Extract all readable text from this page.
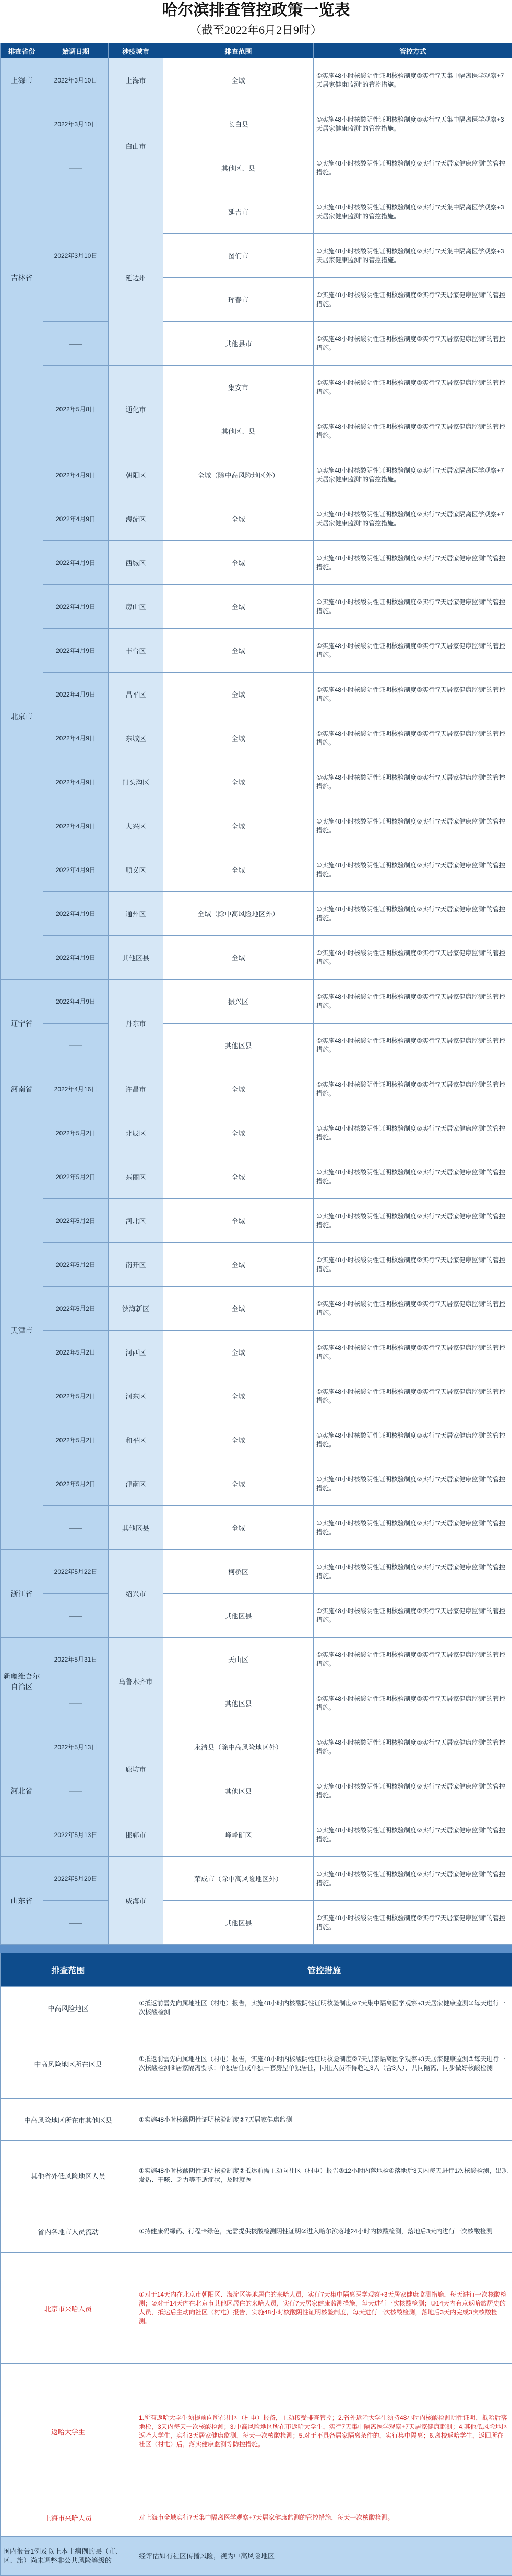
哈尔滨排查管控政策一览表
（截至2022年6月2日9时）
排查省份	始调日期	涉疫城市	排查范围	管控方式
上海市	2022年3月10日	上海市	全域	①实施48小时核酸阴性证明核验制度②实行"7天集中隔离医学观察+7天居家健康监测"的管控措施。
吉林省	2022年3月10日	白山市	长白县	①实施48小时核酸阴性证明核验制度②实行"7天集中隔离医学观察+3天居家健康监测"的管控措施。
	——		其他区、县	①实施48小时核酸阴性证明核验制度②实行"7天居家健康监测"的管控措施。
	2022年3月10日	延边州	延吉市	①实施48小时核酸阴性证明核验制度②实行"7天集中隔离医学观察+3天居家健康监测"的管控措施。
			图们市	①实施48小时核酸阴性证明核验制度②实行"7天集中隔离医学观察+3天居家健康监测"的管控措施。
			珲春市	①实施48小时核酸阴性证明核验制度②实行"7天居家健康监测"的管控措施。
	——		其他县市	①实施48小时核酸阴性证明核验制度②实行"7天居家健康监测"的管控措施。
	2022年5月8日	通化市	集安市	①实施48小时核酸阴性证明核验制度②实行"7天居家健康监测"的管控措施。
			其他区、县	①实施48小时核酸阴性证明核验制度②实行"7天居家健康监测"的管控措施。
北京市	2022年4月9日	朝阳区	全域（除中高风险地区外）	①实施48小时核酸阴性证明核验制度②实行"7天居家隔离医学观察+7天居家健康监测"的管控措施。
	2022年4月9日	海淀区	全域	①实施48小时核酸阴性证明核验制度②实行"7天居家隔离医学观察+7天居家健康监测"的管控措施。
	2022年4月9日	西城区	全域	①实施48小时核酸阴性证明核验制度②实行"7天居家健康监测"的管控措施。
	2022年4月9日	房山区	全域	①实施48小时核酸阴性证明核验制度②实行"7天居家健康监测"的管控措施。
	2022年4月9日	丰台区	全域	①实施48小时核酸阴性证明核验制度②实行"7天居家健康监测"的管控措施。
	2022年4月9日	昌平区	全域	①实施48小时核酸阴性证明核验制度②实行"7天居家健康监测"的管控措施。
	2022年4月9日	东城区	全域	①实施48小时核酸阴性证明核验制度②实行"7天居家健康监测"的管控措施。
	2022年4月9日	门头沟区	全域	①实施48小时核酸阴性证明核验制度②实行"7天居家健康监测"的管控措施。
	2022年4月9日	大兴区	全域	①实施48小时核酸阴性证明核验制度②实行"7天居家健康监测"的管控措施。
	2022年4月9日	顺义区	全域	①实施48小时核酸阴性证明核验制度②实行"7天居家健康监测"的管控措施。
	2022年4月9日	通州区	全域（除中高风险地区外）	①实施48小时核酸阴性证明核验制度②实行"7天居家健康监测"的管控措施。
	2022年4月9日	其他区县	全域	①实施48小时核酸阴性证明核验制度②实行"7天居家健康监测"的管控措施。
辽宁省	2022年4月9日	丹东市	振兴区	①实施48小时核酸阴性证明核验制度②实行"7天居家健康监测"的管控措施。
	——		其他区县	①实施48小时核酸阴性证明核验制度②实行"7天居家健康监测"的管控措施。
河南省	2022年4月16日	许昌市	全域	①实施48小时核酸阴性证明核验制度②实行"7天居家健康监测"的管控措施。
天津市	2022年5月2日	北辰区	全域	①实施48小时核酸阴性证明核验制度②实行"7天居家健康监测"的管控措施。
	2022年5月2日	东丽区	全域	①实施48小时核酸阴性证明核验制度②实行"7天居家健康监测"的管控措施。
	2022年5月2日	河北区	全域	①实施48小时核酸阴性证明核验制度②实行"7天居家健康监测"的管控措施。
	2022年5月2日	南开区	全域	①实施48小时核酸阴性证明核验制度②实行"7天居家健康监测"的管控措施。
	2022年5月2日	滨海新区	全域	①实施48小时核酸阴性证明核验制度②实行"7天居家健康监测"的管控措施。
	2022年5月2日	河西区	全域	①实施48小时核酸阴性证明核验制度②实行"7天居家健康监测"的管控措施。
	2022年5月2日	河东区	全域	①实施48小时核酸阴性证明核验制度②实行"7天居家健康监测"的管控措施。
	2022年5月2日	和平区	全域	①实施48小时核酸阴性证明核验制度②实行"7天居家健康监测"的管控措施。
	2022年5月2日	津南区	全域	①实施48小时核酸阴性证明核验制度②实行"7天居家健康监测"的管控措施。
	——	其他区县	全域	①实施48小时核酸阴性证明核验制度②实行"7天居家健康监测"的管控措施。
浙江省	2022年5月22日	绍兴市	柯桥区	①实施48小时核酸阴性证明核验制度②实行"7天居家健康监测"的管控措施。
	——		其他区县	①实施48小时核酸阴性证明核验制度②实行"7天居家健康监测"的管控措施。
新疆维吾尔自治区	2022年5月31日	乌鲁木齐市	天山区	①实施48小时核酸阴性证明核验制度②实行"7天居家健康监测"的管控措施。
	——		其他区县	①实施48小时核酸阴性证明核验制度②实行"7天居家健康监测"的管控措施。
河北省	2022年5月13日	廊坊市	永清县（除中高风险地区外）	①实施48小时核酸阴性证明核验制度②实行"7天居家健康监测"的管控措施。
	——		其他区县	①实施48小时核酸阴性证明核验制度②实行"7天居家健康监测"的管控措施。
	2022年5月13日	邯郸市	峰峰矿区	①实施48小时核酸阴性证明核验制度②实行"7天居家健康监测"的管控措施。
山东省	2022年5月20日	威海市	荣成市（除中高风险地区外）	①实施48小时核酸阴性证明核验制度②实行"7天居家健康监测"的管控措施。
	——		其他区县	①实施48小时核酸阴性证明核验制度②实行"7天居家健康监测"的管控措施。

排查范围	管控措施
中高风险地区	①抵返前需先向属地社区（村屯）报告，实施48小时内核酸阴性证明核验制度②7天集中隔离医学观察+3天居家健康监测③每天进行一次核酸检测
中高风险地区所在区县	①抵返前需先向属地社区（村屯）报告，实施48小时内核酸阴性证明核验制度②7天居家隔离医学观察+3天居家健康监测③每天进行一次核酸检测④居家隔离要求：单独居住或单独一套房屋单独居住，同住人员不得超过3人（含3人），共同隔离，同步做好核酸检测
中高风险地区所在市其他区县	①实施48小时核酸阴性证明核验制度②7天居家健康监测
其他省外低风险地区人员	①实施48小时核酸阴性证明核验制度②抵达前需主动向社区（村屯）报告③12小时内落地检④落地后3天内每天进行1次核酸检测，出现发热、干咳、乏力等不适症状，及时就医
省内各地市人员流动	①持健康码绿码、行程卡绿色，无需提供核酸检测阴性证明②进入哈尔滨落地24小时内核酸检测，落地后3天内进行一次核酸检测
北京市来哈人员	①对于14天内在北京市朝阳区、海淀区等地居住的来哈人员，实行7天集中隔离医学观察+3天居家健康监测措施，每天进行一次核酸检测；②对于14天内在北京市其他区居住的来哈人员，实行7天居家健康监测措施，每天进行一次核酸检测；③14天内有京返哈旅居史的人员，抵达后主动向社区（村屯）报告，实施48小时核酸阴性证明核验制度，每天进行一次核酸检测，落地后3天内完成3次核酸检测。
返哈大学生	1.所有返哈大学生须提前向所在社区（村屯）报备，主动接受排查管控；2.省外返哈大学生须持48小时内核酸检测阴性证明，抵哈后落地检，3天内每天一次核酸检测；3.中高风险地区所在市返哈大学生，实行7天集中隔离医学观察+7天居家健康监测；4.其他低风险地区返哈大学生，实行3天居家健康监测，每天一次核酸检测；5.对于不具备居家隔离条件的，实行集中隔离；6.离校返哈学生，返回所在社区（村屯）后，落实健康监测等防控措施。
上海市来哈人员	对上海市全域实行7天集中隔离医学观察+7天居家健康监测的管控措施，每天一次核酸检测。
国内报告1例及以上本土病例的县（市、区、旗）尚未调整非公共风险等级的	经评估如有社区传播风险，视为中高风险地区
